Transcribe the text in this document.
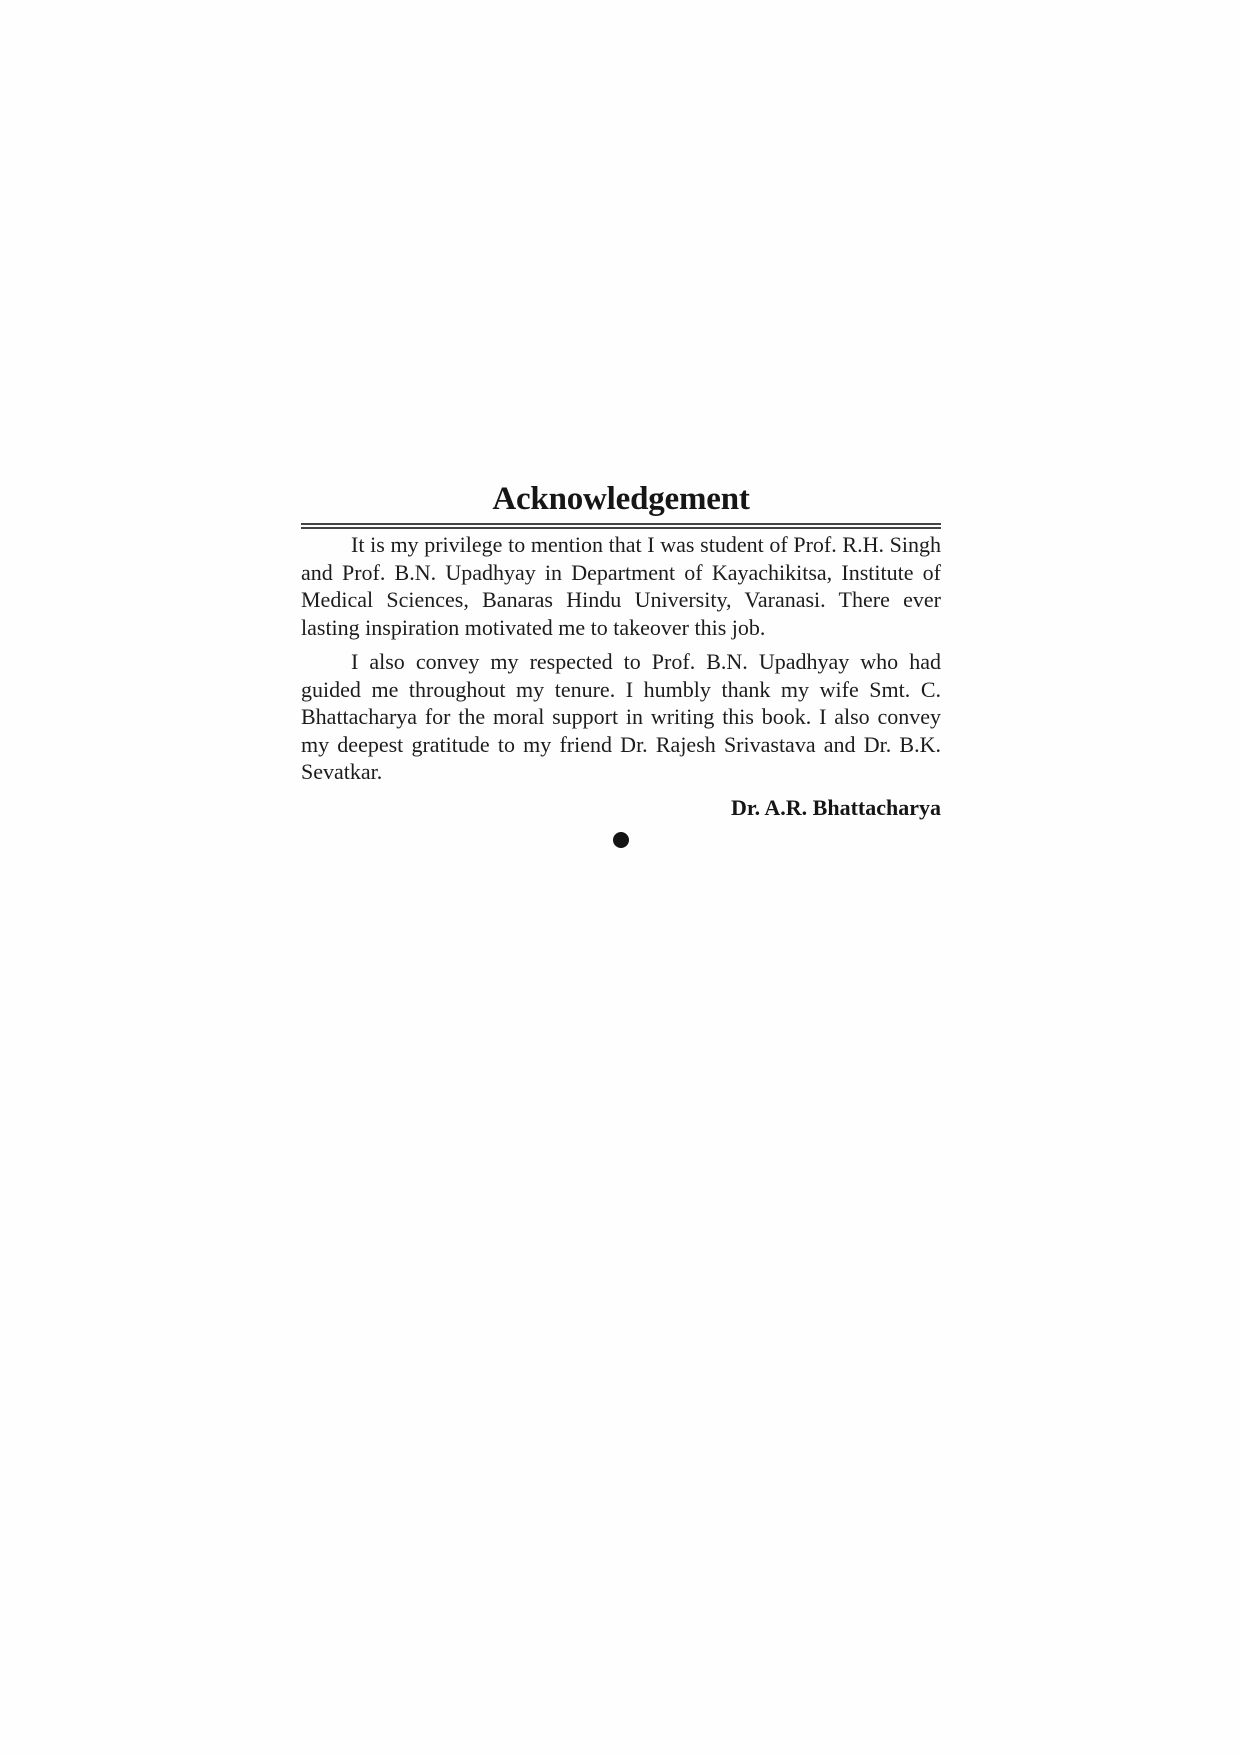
Acknowledgement

It is my privilege to mention that I was student of Prof. R.H. Singh and Prof. B.N. Upadhyay in Department of Kayachikitsa, Institute of Medical Sciences, Banaras Hindu University, Varanasi. There ever lasting inspiration motivated me to takeover this job.

I also convey my respected to Prof. B.N. Upadhyay who had guided me throughout my tenure. I humbly thank my wife Smt. C. Bhattacharya for the moral support in writing this book. I also convey my deepest gratitude to my friend Dr. Rajesh Srivastava and Dr. B.K. Sevatkar.

Dr. A.R. Bhattacharya
